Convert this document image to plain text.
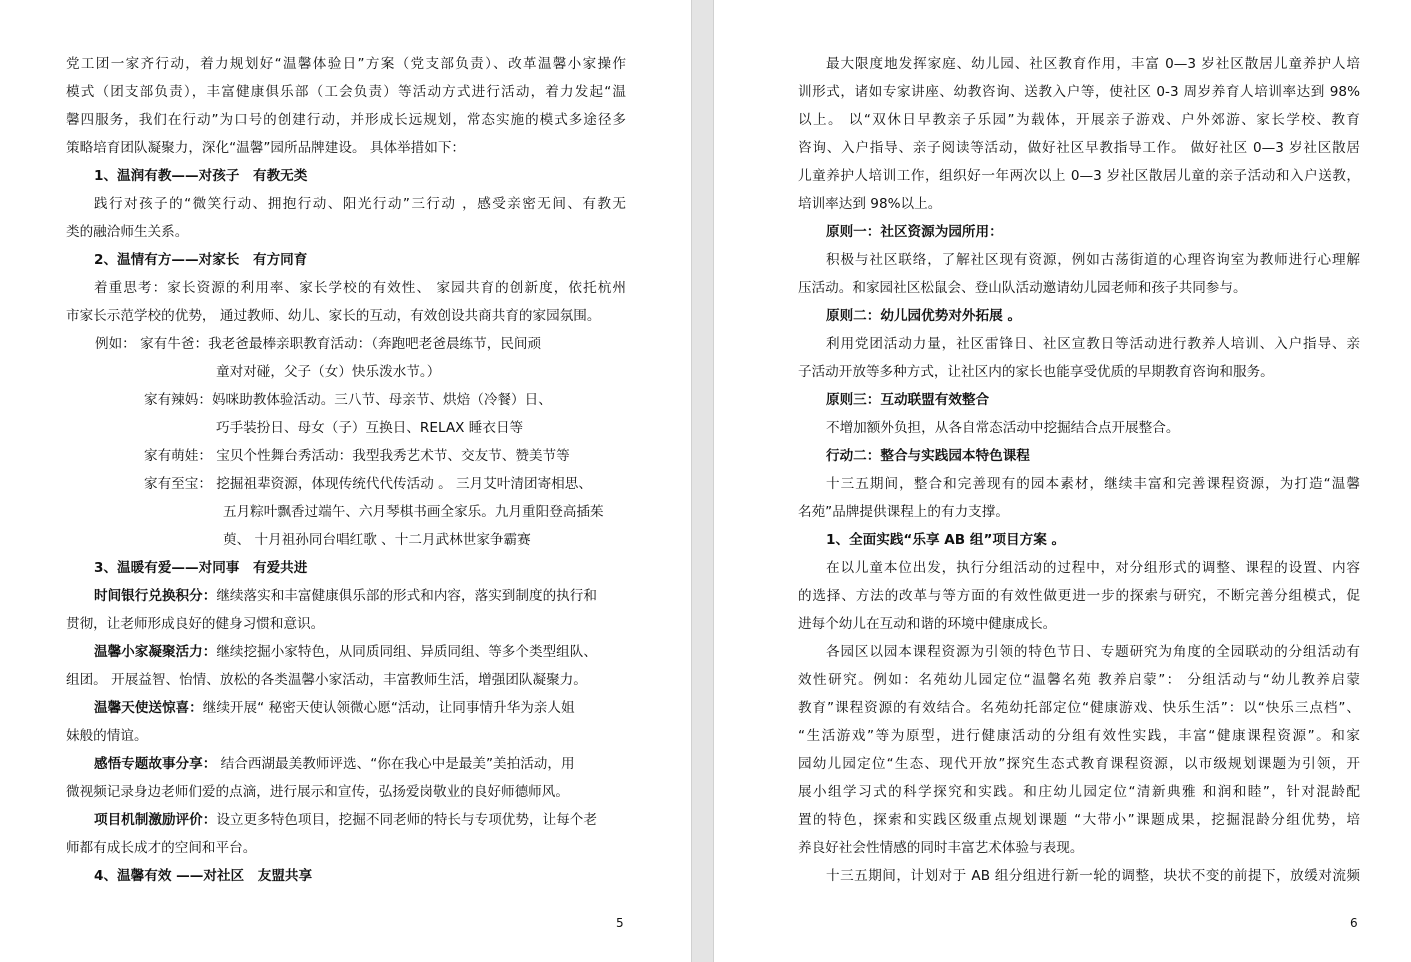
党工团一家齐行动，着力规划好“温馨体验日”方案（党支部负责）、改革温馨小家操作
模式（团支部负责），丰富健康俱乐部（工会负责）等活动方式进行活动，着力发起“温
馨四服务，我们在行动”为口号的创建行动，并形成长远规划，常态实施的模式多途径多
策略培育团队凝聚力，深化“温馨”园所品牌建设。 具体举措如下：
1、温润有教——对孩子　有教无类
践行对孩子的“微笑行动、拥抱行动、阳光行动”三行动 ，感受亲密无间、有教无
类的融洽师生关系。
2、温情有方——对家长　有方同育
着重思考：家长资源的利用率、家长学校的有效性、 家园共育的创新度，依托杭州
市家长示范学校的优势， 通过教师、幼儿、家长的互动，有效创设共商共育的家园氛围。
例如： 家有牛爸：我老爸最棒亲职教育活动：（奔跑吧老爸晨练节，民间顽
童对对碰，父子（女）快乐泼水节。）
家有辣妈：妈咪助教体验活动。三八节、母亲节、烘焙（冷餐）日、
巧手装扮日、母女（子）互换日、RELAX 睡衣日等
家有萌娃： 宝贝个性舞台秀活动：我型我秀艺术节、交友节、赞美节等
家有至宝： 挖掘祖辈资源，体现传统代代传活动 。 三月艾叶清团寄相思、
五月粽叶飘香过端午、六月琴棋书画全家乐。九月重阳登高插茱
萸、 十月祖孙同台唱红歌 、十二月武林世家争霸赛
3、温暖有爱——对同事　有爱共进
时间银行兑换积分：继续落实和丰富健康俱乐部的形式和内容，落实到制度的执行和
贯彻，让老师形成良好的健身习惯和意识。
温馨小家凝聚活力：继续挖掘小家特色，从同质同组、异质同组、等多个类型组队、
组团。 开展益智、怡情、放松的各类温馨小家活动，丰富教师生活，增强团队凝聚力。
温馨天使送惊喜：继续开展“ 秘密天使认领微心愿“活动，让同事情升华为亲人姐
妹般的情谊。
感悟专题故事分享： 结合西湖最美教师评选、“你在我心中是最美”美拍活动，用
微视频记录身边老师们爱的点滴，进行展示和宣传，弘扬爱岗敬业的良好师德师风。
项目机制激励评价：设立更多特色项目，挖掘不同老师的特长与专项优势，让每个老
师都有成长成才的空间和平台。
4、温馨有效 ——对社区　友盟共享
5
最大限度地发挥家庭、幼儿园、社区教育作用，丰富 0—3 岁社区散居儿童养护人培
训形式，诸如专家讲座、幼教咨询、送教入户等，使社区 0-3 周岁养育人培训率达到 98%
以上。 以“双休日早教亲子乐园”为载体，开展亲子游戏、户外郊游、家长学校、教育
咨询、入户指导、亲子阅读等活动，做好社区早教指导工作。 做好社区 0—3 岁社区散居
儿童养护人培训工作，组织好一年两次以上 0—3 岁社区散居儿童的亲子活动和入户送教，
培训率达到 98%以上。
原则一：社区资源为园所用：
积极与社区联络，了解社区现有资源，例如古荡街道的心理咨询室为教师进行心理解
压活动。和家园社区松鼠会、登山队活动邀请幼儿园老师和孩子共同参与。
原则二：幼儿园优势对外拓展 。
利用党团活动力量，社区雷锋日、社区宣教日等活动进行教养人培训、入户指导、亲
子活动开放等多种方式，让社区内的家长也能享受优质的早期教育咨询和服务。
原则三：互动联盟有效整合
不增加额外负担，从各自常态活动中挖掘结合点开展整合。
行动二：整合与实践园本特色课程
十三五期间，整合和完善现有的园本素材，继续丰富和完善课程资源，为打造“温馨
名苑”品牌提供课程上的有力支撑。
1、全面实践“乐享 AB 组”项目方案 。
在以儿童本位出发，执行分组活动的过程中，对分组形式的调整、课程的设置、内容
的选择、方法的改革与等方面的有效性做更进一步的探索与研究，不断完善分组模式，促
进每个幼儿在互动和谐的环境中健康成长。
各园区以园本课程资源为引领的特色节日、专题研究为角度的全园联动的分组活动有
效性研究。例如：名苑幼儿园定位“温馨名苑 教养启蒙”： 分组活动与“幼儿教养启蒙
教育”课程资源的有效结合。名苑幼托部定位“健康游戏、快乐生活”：以“快乐三点档”、
“生活游戏”等为原型，进行健康活动的分组有效性实践，丰富“健康课程资源”。和家
园幼儿园定位“生态、现代开放”探究生态式教育课程资源，以市级规划课题为引领，开
展小组学习式的科学探究和实践。和庄幼儿园定位“清新典雅 和润和睦”，针对混龄配
置的特色，探索和实践区级重点规划课题 “大带小”课题成果，挖掘混龄分组优势，培
养良好社会性情感的同时丰富艺术体验与表现。
十三五期间，计划对于 AB 组分组进行新一轮的调整，块状不变的前提下，放缓对流频
6
